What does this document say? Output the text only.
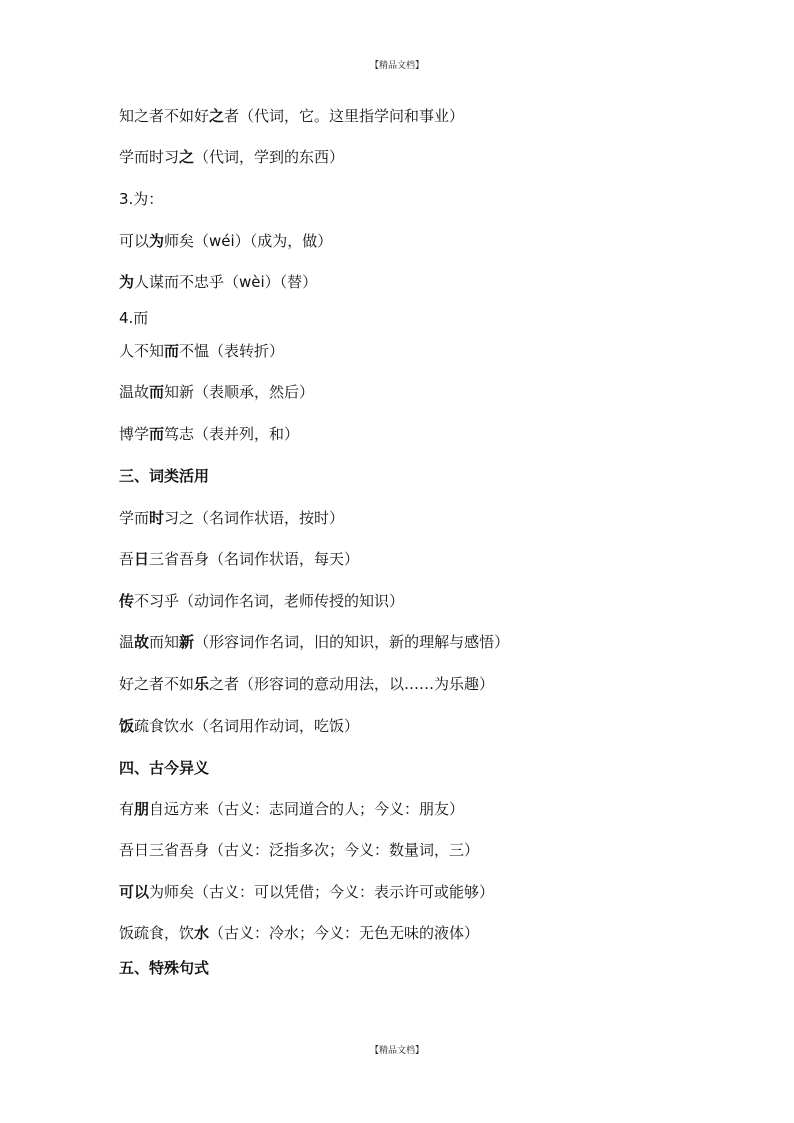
【精品文档】
知之者不如好之者（代词，它。这里指学问和事业）
学而时习之（代词，学到的东西）
3.为：
可以为师矣（wéi）（成为，做）
为人谋而不忠乎（wèi）（替）
4.而
人不知而不愠（表转折）
温故而知新（表顺承，然后）
博学而笃志（表并列，和）
三、词类活用
学而时习之（名词作状语，按时）
吾日三省吾身（名词作状语，每天）
传不习乎（动词作名词，老师传授的知识）
温故而知新（形容词作名词，旧的知识，新的理解与感悟）
好之者不如乐之者（形容词的意动用法，以……为乐趣）
饭疏食饮水（名词用作动词，吃饭）
四、古今异义
有朋自远方来（古义：志同道合的人；今义：朋友）
吾日三省吾身（古义：泛指多次；今义：数量词，三）
可以为师矣（古义：可以凭借；今义：表示许可或能够）
饭疏食，饮水（古义：冷水；今义：无色无味的液体）
五、特殊句式
【精品文档】
